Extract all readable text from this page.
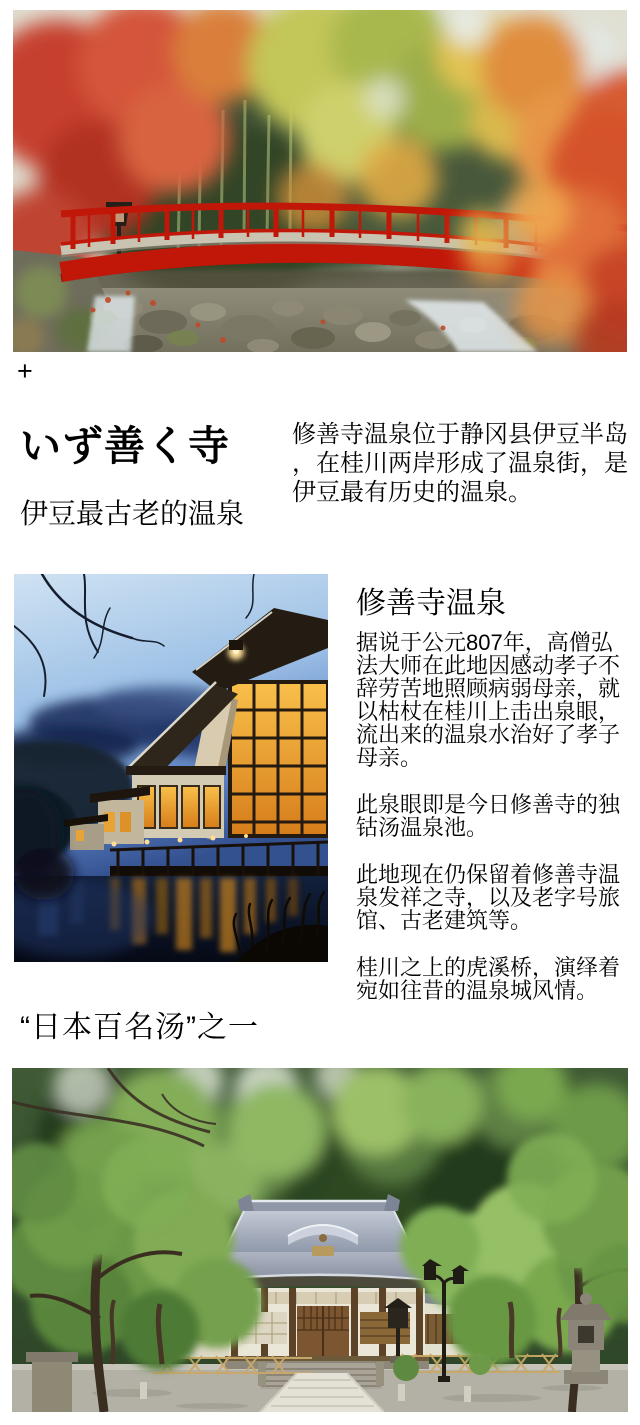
+
いず善く寺
伊豆最古老的温泉

修善寺温泉位于静冈县伊豆半岛，在桂川两岸形成了温泉街，是伊豆最有历史的温泉。

修善寺温泉

据说于公元807年，高僧弘法大师在此地因感动孝子不辞劳苦地照顾病弱母亲，就以枯杖在桂川上击出泉眼，流出来的温泉水治好了孝子母亲。

此泉眼即是今日修善寺的独钴汤温泉池。

此地现在仍保留着修善寺温泉发祥之寺，以及老字号旅馆、古老建筑等。

桂川之上的虎溪桥，演绎着宛如往昔的温泉城风情。

“日本百名汤”之一
